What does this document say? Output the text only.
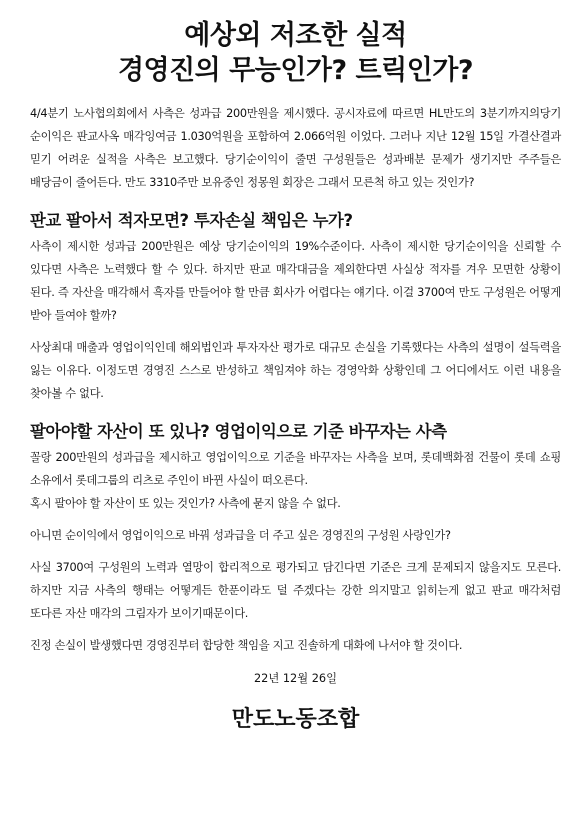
예상외 저조한 실적
경영진의 무능인가? 트릭인가?

4/4분기 노사협의회에서 사측은 성과급 200만원을 제시했다. 공시자료에 따르면 HL만도의 3분기까지의당기 순이익은 판교사옥 매각잉여금 1.030억원을 포함하여 2.066억원 이었다. 그러나 지난 12월 15일 가결산결과 믿기 어려운 실적을 사측은 보고했다. 당기순이익이 줄면 구성원들은 성과배분 문제가 생기지만 주주들은 배당금이 줄어든다. 만도 3310주만 보유중인 정몽원 회장은 그래서 모른척 하고 있는 것인가?

판교 팔아서 적자모면? 투자손실 책임은 누가?

사측이 제시한 성과급 200만원은 예상 당기순이익의 19%수준이다. 사측이 제시한 당기순이익을 신뢰할 수 있다면 사측은 노력했다 할 수 있다. 하지만 판교 매각대금을 제외한다면 사실상 적자를 겨우 모면한 상황이 된다. 즉 자산을 매각해서 흑자를 만들어야 할 만큼 회사가 어렵다는 얘기다. 이걸 3700여 만도 구성원은 어떻게 받아 들여야 할까?

사상최대 매출과 영업이익인데 해외법인과 투자자산 평가로 대규모 손실을 기록했다는 사측의 설명이 설득력을 잃는 이유다. 이정도면 경영진 스스로 반성하고 책임져야 하는 경영악화 상황인데 그 어디에서도 이런 내용을 찾아볼 수 없다.

팔아야할 자산이 또 있나? 영업이익으로 기준 바꾸자는 사측

꼴랑 200만원의 성과급을 제시하고 영업이익으로 기준을 바꾸자는 사측을 보며, 롯데백화점 건물이 롯데 쇼핑 소유에서 롯데그룹의 리츠로 주인이 바뀐 사실이 떠오른다.

혹시 팔아야 할 자산이 또 있는 것인가? 사측에 묻지 않을 수 없다.

아니면 순이익에서 영업이익으로 바꿔 성과급을 더 주고 싶은 경영진의 구성원 사랑인가?

사실 3700여 구성원의 노력과 열망이 합리적으로 평가되고 담긴다면 기준은 크게 문제되지 않을지도 모른다. 하지만 지금 사측의 행태는 어떻게든 한푼이라도 덜 주겠다는 강한 의지말고 읽히는게 없고 판교 매각처럼 또다른 자산 매각의 그림자가 보이기때문이다.

진정 손실이 발생했다면 경영진부터 합당한 책임을 지고 진솔하게 대화에 나서야 할 것이다.

22년 12월 26일
만도노동조합
